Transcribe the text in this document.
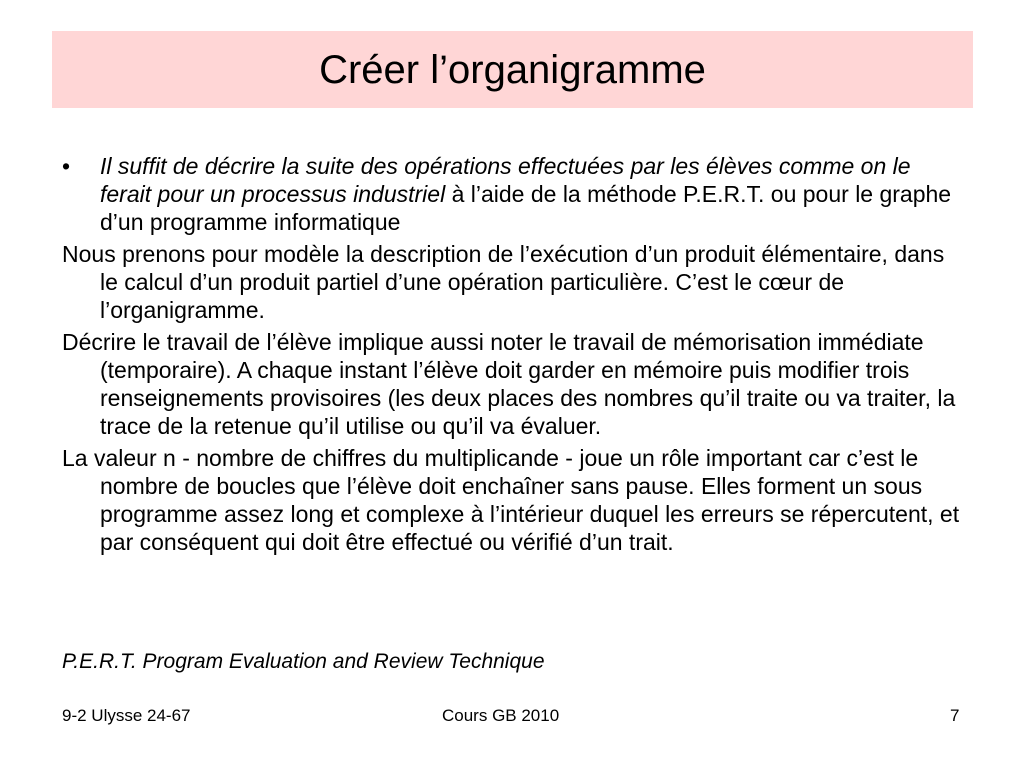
Créer l’organigramme

•	Il suffit de décrire la suite des opérations effectuées par les élèves comme on le ferait pour un processus industriel à l’aide de la méthode P.E.R.T. ou pour le graphe d’un programme informatique

Nous prenons pour modèle la description de l’exécution d’un produit élémentaire, dans le calcul d’un produit partiel d’une opération particulière. C’est le cœur de l’organigramme.

Décrire le travail de l’élève implique aussi noter le travail de mémorisation immédiate (temporaire). A chaque instant l’élève doit garder en mémoire puis modifier trois renseignements provisoires (les deux places des nombres qu’il traite ou va traiter, la trace de la retenue qu’il utilise ou qu’il va évaluer.

La valeur n - nombre de chiffres du multiplicande - joue un rôle important car c’est le nombre de boucles que l’élève doit enchaîner sans pause. Elles forment un sous programme assez long et complexe à l’intérieur duquel les erreurs se répercutent, et par conséquent qui doit être effectué ou vérifié d’un trait.

P.E.R.T. Program Evaluation and Review Technique

9-2 Ulysse 24-67	Cours GB 2010	7
